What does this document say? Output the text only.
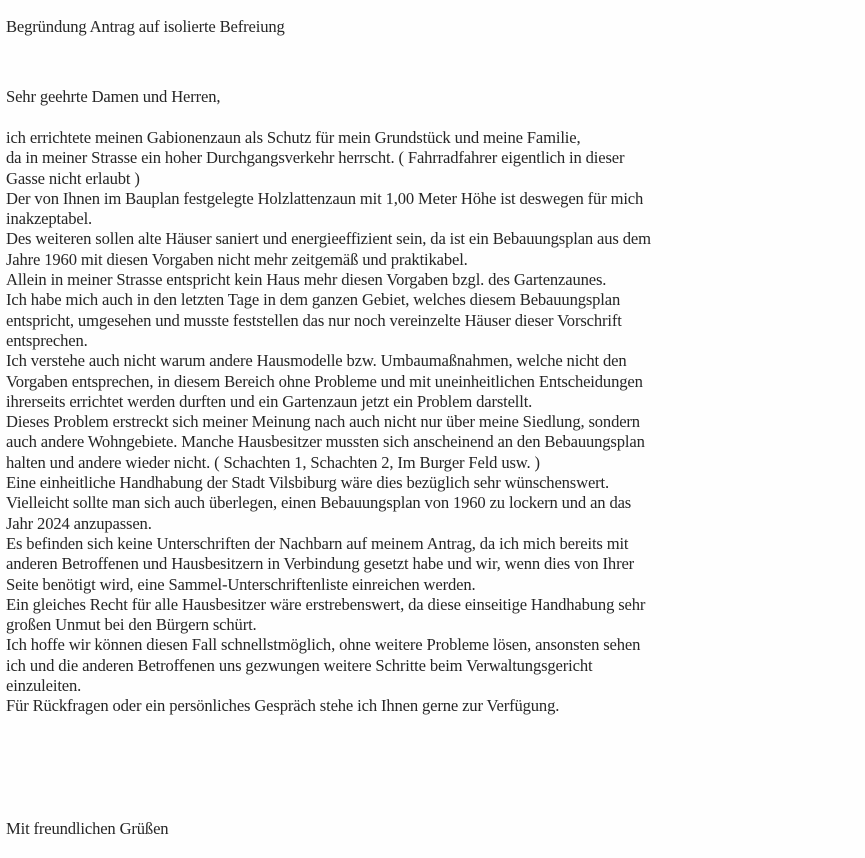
Begründung Antrag auf isolierte Befreiung
Sehr geehrte Damen und Herren,
ich errichtete meinen Gabionenzaun als Schutz für mein Grundstück und meine Familie,
da in meiner Strasse ein hoher Durchgangsverkehr herrscht. ( Fahrradfahrer eigentlich in dieser
Gasse nicht erlaubt )
Der von Ihnen im Bauplan festgelegte Holzlattenzaun mit 1,00 Meter Höhe ist deswegen für mich
inakzeptabel.
Des weiteren sollen alte Häuser saniert und energieeffizient sein, da ist ein Bebauungsplan aus dem
Jahre 1960 mit diesen Vorgaben nicht mehr zeitgemäß und praktikabel.
Allein in meiner Strasse entspricht kein Haus mehr diesen Vorgaben bzgl. des Gartenzaunes.
Ich habe mich auch in den letzten Tage in dem ganzen Gebiet, welches diesem Bebauungsplan
entspricht, umgesehen und musste feststellen das nur noch vereinzelte Häuser dieser Vorschrift
entsprechen.
Ich verstehe auch nicht warum andere Hausmodelle bzw. Umbaumaßnahmen, welche nicht den
Vorgaben entsprechen, in diesem Bereich ohne Probleme und mit uneinheitlichen Entscheidungen
ihrerseits errichtet werden durften und ein Gartenzaun jetzt ein Problem darstellt.
Dieses Problem erstreckt sich meiner Meinung nach auch nicht nur über meine Siedlung, sondern
auch andere Wohngebiete. Manche Hausbesitzer mussten sich anscheinend an den Bebauungsplan
halten und andere wieder nicht. ( Schachten 1, Schachten 2, Im Burger Feld usw. )
Eine einheitliche Handhabung der Stadt Vilsbiburg wäre dies bezüglich sehr wünschenswert.
Vielleicht sollte man sich auch überlegen, einen Bebauungsplan von 1960 zu lockern und an das
Jahr 2024 anzupassen.
Es befinden sich keine Unterschriften der Nachbarn auf meinem Antrag, da ich mich bereits mit
anderen Betroffenen und Hausbesitzern in Verbindung gesetzt habe und wir, wenn dies von Ihrer
Seite benötigt wird, eine Sammel-Unterschriftenliste einreichen werden.
Ein gleiches Recht für alle Hausbesitzer wäre erstrebenswert, da diese einseitige Handhabung sehr
großen Unmut bei den Bürgern schürt.
Ich hoffe wir können diesen Fall schnellstmöglich, ohne weitere Probleme lösen, ansonsten sehen
ich und die anderen Betroffenen uns gezwungen weitere Schritte beim Verwaltungsgericht
einzuleiten.
Für Rückfragen oder ein persönliches Gespräch stehe ich Ihnen gerne zur Verfügung.
Mit freundlichen Grüßen
